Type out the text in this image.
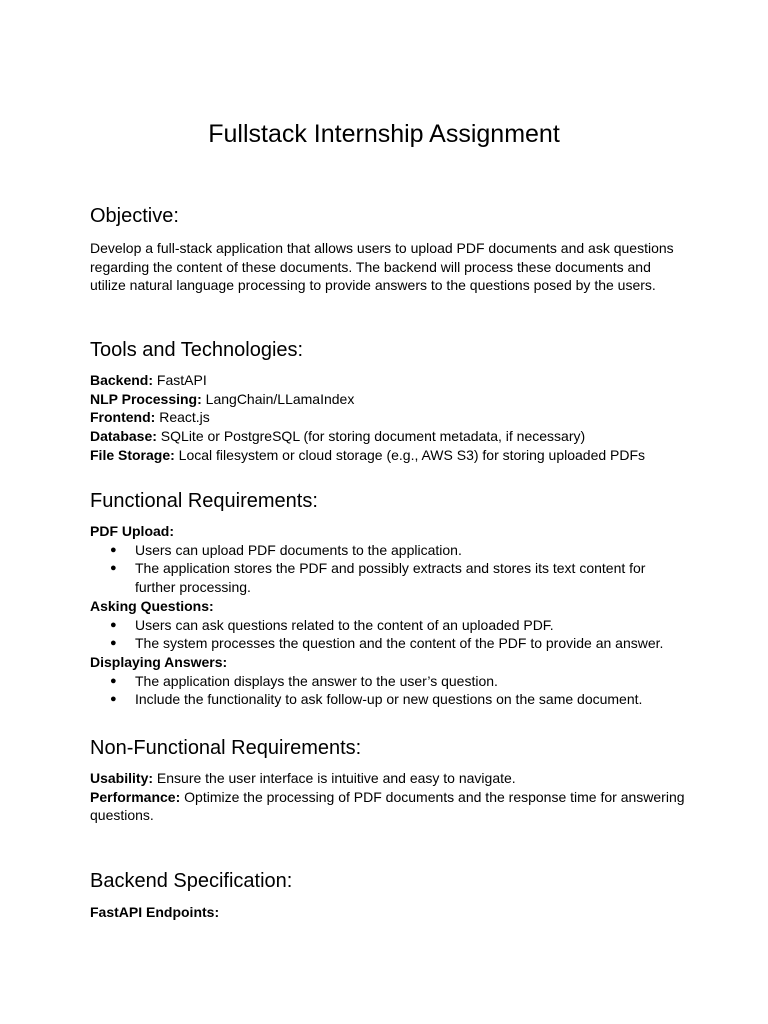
Fullstack Internship Assignment
Objective:

Develop a full-stack application that allows users to upload PDF documents and ask questions regarding the content of these documents. The backend will process these documents and utilize natural language processing to provide answers to the questions posed by the users.

Tools and Technologies:

Backend: FastAPI

NLP Processing: LangChain/LLamaIndex

Frontend: React.js

Database: SQLite or PostgreSQL (for storing document metadata, if necessary)

File Storage: Local filesystem or cloud storage (e.g., AWS S3) for storing uploaded PDFs

Functional Requirements:

PDF Upload:

● Users can upload PDF documents to the application.
● The application stores the PDF and possibly extracts and stores its text content for further processing.

Asking Questions:

● Users can ask questions related to the content of an uploaded PDF.
● The system processes the question and the content of the PDF to provide an answer.

Displaying Answers:

● The application displays the answer to the user’s question.
● Include the functionality to ask follow-up or new questions on the same document.
Non-Functional Requirements:

Usability: Ensure the user interface is intuitive and easy to navigate.

Performance: Optimize the processing of PDF documents and the response time for answering questions.

Backend Specification:

FastAPI Endpoints:
